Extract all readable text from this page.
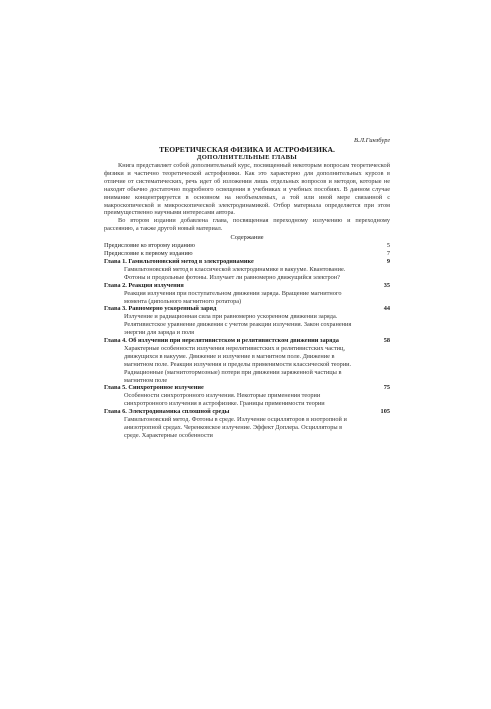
В.Л.Гинзбург
ТЕОРЕТИЧЕСКАЯ ФИЗИКА И АСТРОФИЗИКА.
ДОПОЛНИТЕЛЬНЫЕ ГЛАВЫ

Книга представляет собой дополнительный курс, посвященный некоторым вопросам теоретической физики и частично теоретической астрофизики. Как это характерно для дополнительных курсов в отличие от систематических, речь идет об изложении лишь отдельных вопросов и методов, которые не находят обычно достаточно подробного освещения в учебниках и учебных пособиях. В данном случае внимание концентрируется в основном на необъемлемых, а той или иной мере связанной с макроскопической и микроскопической электродинамикой. Отбор материала определяется при этом преимущественно научными интересами автора.

Во втором издании добавлена глава, посвященная переходному излучению и переходному рассеянию, а также другой новый материал.

Содержание
Предисловие ко второму изданию	5
Предисловие к первому изданию	7
Глава 1. Гамильтоновский метод в электродинамике	9
Гамильтоновский метод в классической электродинамике в вакууме. Квантование. Фотоны и продольные фотоны. Излучает ли равномерно движущийся электрон?
Глава 2. Реакция излучения	35
Реакция излучения при поступательном движении заряда. Вращение магнитного момента (дипольного магнитного ротатора)
Глава 3. Равномерно ускоренный заряд	44
Излучение и радиационная сила при равномерно ускоренном движении заряда. Релятивистское уравнение движения с учетом реакции излучения. Закон сохранения энергии для заряда и поля
Глава 4. Об излучении при нерелятивистском и релятивистском движении заряда	58
Характерные особенности излучения нерелятивистских и релятивистских частиц, движущихся в вакууме. Движение и излучение в магнитном поле. Движение в магнитном поле. Реакция излучения и пределы применимости классической теории. Радиационные (магнитотормозные) потери при движении заряженной частицы в магнитном поле
Глава 5. Синхротронное излучение	75
Особенности синхротронного излучения. Некоторые применения теории синхротронного излучения в астрофизике. Границы применимости теории
Глава 6. Электродинамика сплошной среды	105
Гамильтоновский метод. Фотоны в среде. Излучение осцилляторов в изотропной и анизотропной средах. Черенковское излучение. Эффект Доплера. Осцилляторы в среде. Характерные особенности
